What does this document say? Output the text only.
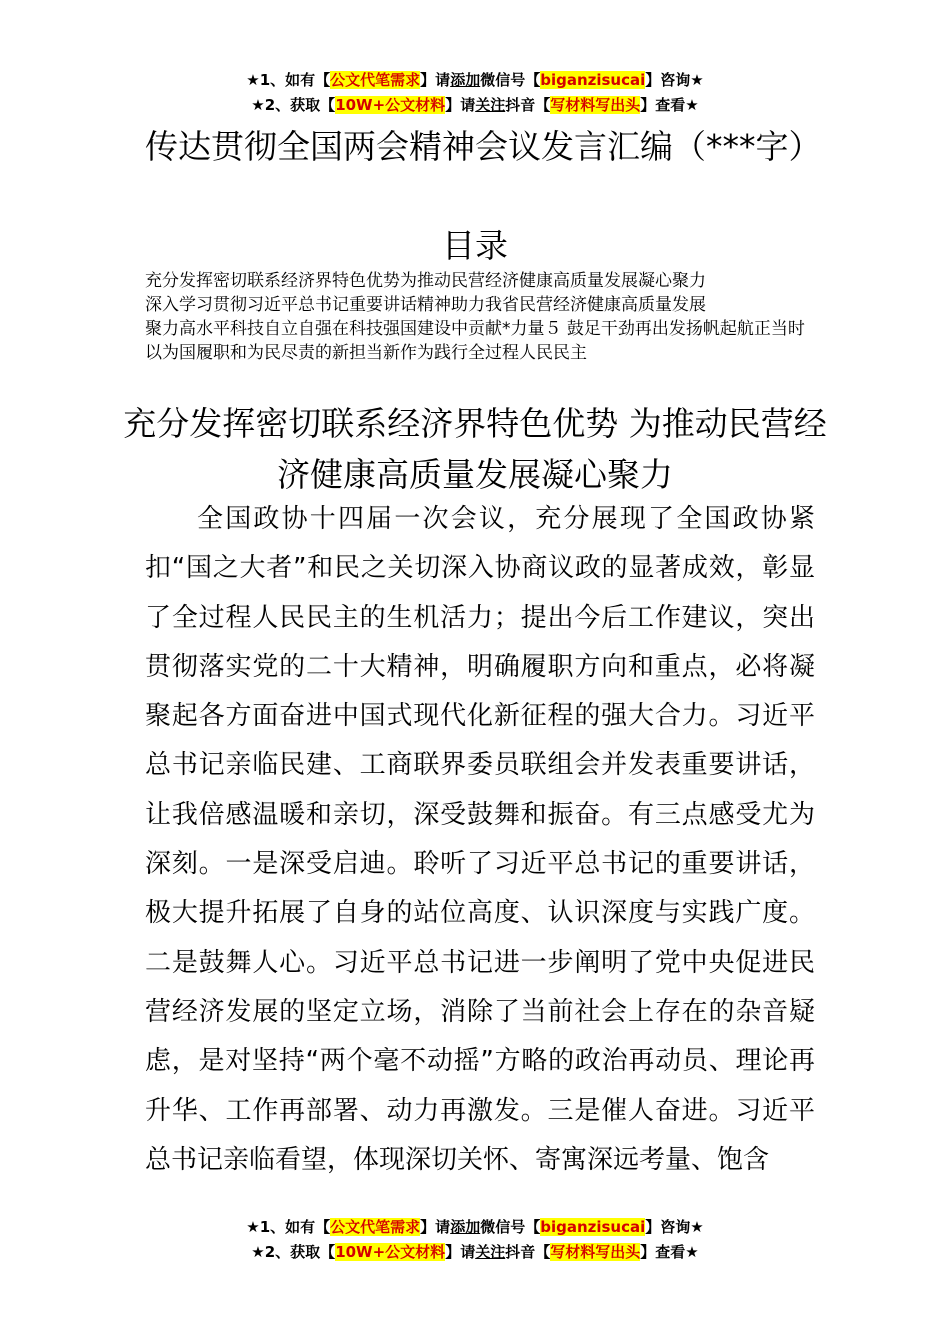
★1、如有【公文代笔需求】请添加微信号【biganzisucai】咨询★
★2、获取【10W+公文材料】请关注抖音【写材料写出头】查看★
传达贯彻全国两会精神会议发言汇编（***字）
目录
充分发挥密切联系经济界特色优势为推动民营经济健康高质量发展凝心聚力
深入学习贯彻习近平总书记重要讲话精神助力我省民营经济健康高质量发展
聚力高水平科技自立自强在科技强国建设中贡献*力量５ 鼓足干劲再出发扬帆起航正当时
以为国履职和为民尽责的新担当新作为践行全过程人民民主
充分发挥密切联系经济界特色优势 为推动民营经济健康高质量发展凝心聚力

全国政协十四届一次会议，充分展现了全国政协紧扣“国之大者”和民之关切深入协商议政的显著成效，彰显了全过程人民民主的生机活力；提出今后工作建议，突出贯彻落实党的二十大精神，明确履职方向和重点，必将凝聚起各方面奋进中国式现代化新征程的强大合力。习近平总书记亲临民建、工商联界委员联组会并发表重要讲话，让我倍感温暖和亲切，深受鼓舞和振奋。有三点感受尤为深刻。一是深受启迪。聆听了习近平总书记的重要讲话，极大提升拓展了自身的站位高度、认识深度与实践广度。二是鼓舞人心。习近平总书记进一步阐明了党中央促进民营经济发展的坚定立场，消除了当前社会上存在的杂音疑虑，是对坚持“两个毫不动摇”方略的政治再动员、理论再升华、工作再部署、动力再激发。三是催人奋进。习近平总书记亲临看望，体现深切关怀、寄寓深远考量、饱含

★1、如有【公文代笔需求】请添加微信号【biganzisucai】咨询★
★2、获取【10W+公文材料】请关注抖音【写材料写出头】查看★
